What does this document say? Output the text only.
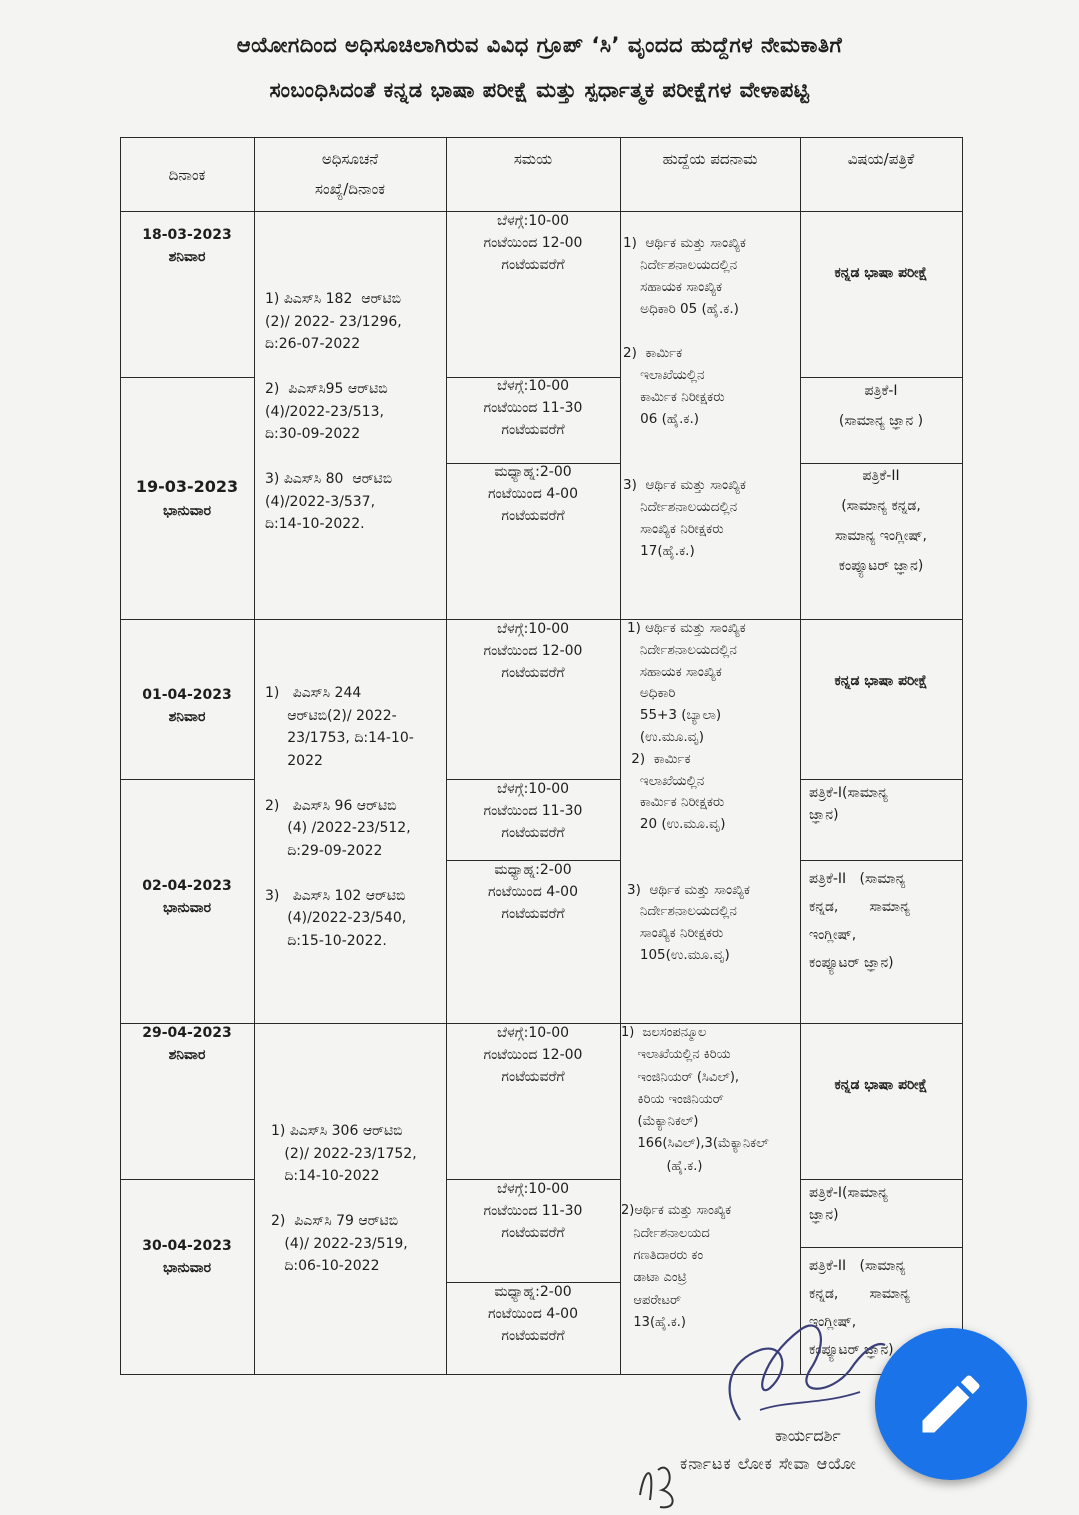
ಆಯೋಗದಿಂದ ಅಧಿಸೂಚಿಲಾಗಿರುವ ವಿವಿಧ ಗ್ರೂಪ್ ‘ಸಿ’ ವೃಂದದ ಹುದ್ದೆಗಳ ನೇಮಕಾತಿಗೆ
ಸಂಬಂಧಿಸಿದಂತೆ ಕನ್ನಡ ಭಾಷಾ ಪರೀಕ್ಷೆ ಮತ್ತು ಸ್ಪರ್ಧಾತ್ಮಕ ಪರೀಕ್ಷೆಗಳ ವೇಳಾಪಟ್ಟಿ
ದಿನಾಂಕ
ಅಧಿಸೂಚನೆ
ಸಂಖ್ಯೆ/ದಿನಾಂಕ
ಸಮಯ	ಹುದ್ದೆಯ ಪದನಾಮ	ವಿಷಯ/ಪತ್ರಿಕೆ
18-03-2023
ಶನಿವಾರ
19-03-2023
ಭಾನುವಾರ
1) ಪಿಎಸ್‌ಸಿ 182  ಆರ್‌ಟಿಬಿ
(2)/ 2022- 23/1296,
ದಿ:26-07-2022

2)  ಪಿಎಸ್‌ಸಿ95 ಆರ್‌ಟಿಬಿ
(4)/2022-23/513,
ದಿ:30-09-2022

3) ಪಿಎಸ್‌ಸಿ 80  ಆರ್‌ಟಿಬಿ
(4)/2022-3/537,
ದಿ:14-10-2022.
ಬೆಳಗ್ಗೆ:10-00
ಗಂಟೆಯಿಂದ 12-00
ಗಂಟೆಯವರೆಗೆ
ಬೆಳಗ್ಗೆ:10-00
ಗಂಟೆಯಿಂದ 11-30
ಗಂಟೆಯವರೆಗೆ
ಮಧ್ಯಾಹ್ನ:2-00
ಗಂಟೆಯಿಂದ 4-00
ಗಂಟೆಯವರೆಗೆ
1)  ಆರ್ಥಿಕ ಮತ್ತು ಸಾಂಖ್ಯಿಕ
ನಿರ್ದೇಶನಾಲಯದಲ್ಲಿನ
ಸಹಾಯಕ ಸಾಂಖ್ಯಿಕ
ಅಧಿಕಾರಿ 05 (ಹೈ.ಕ.)

2)  ಕಾರ್ಮಿಕ
ಇಲಾಖೆಯಲ್ಲಿನ
ಕಾರ್ಮಿಕ ನಿರೀಕ್ಷಕರು
06 (ಹೈ.ಕ.)

3)  ಆರ್ಥಿಕ ಮತ್ತು ಸಾಂಖ್ಯಿಕ
ನಿರ್ದೇಶನಾಲಯದಲ್ಲಿನ
ಸಾಂಖ್ಯಿಕ ನಿರೀಕ್ಷಕರು
17(ಹೈ.ಕ.)
ಕನ್ನಡ ಭಾಷಾ ಪರೀಕ್ಷೆ
ಪತ್ರಿಕೆ-I
(ಸಾಮಾನ್ಯ ಜ್ಞಾನ )
ಪತ್ರಿಕೆ-II
(ಸಾಮಾನ್ಯ ಕನ್ನಡ,
ಸಾಮಾನ್ಯ ಇಂಗ್ಲೀಷ್,
ಕಂಪ್ಯೂಟರ್ ಜ್ಞಾನ)
01-04-2023
ಶನಿವಾರ
02-04-2023
ಭಾನುವಾರ
1)   ಪಿಎಸ್‌ಸಿ 244
ಆರ್‌ಟಿಬಿ(2)/ 2022-
23/1753, ದಿ:14-10-
2022

2)   ಪಿಎಸ್‌ಸಿ 96 ಆರ್‌ಟಿಬಿ
(4) /2022-23/512,
ದಿ:29-09-2022

3)   ಪಿಎಸ್‌ಸಿ 102 ಆರ್‌ಟಿಬಿ
(4)/2022-23/540,
ದಿ:15-10-2022.
ಬೆಳಗ್ಗೆ:10-00
ಗಂಟೆಯಿಂದ 12-00
ಗಂಟೆಯವರೆಗೆ
ಬೆಳಗ್ಗೆ:10-00
ಗಂಟೆಯಿಂದ 11-30
ಗಂಟೆಯವರೆಗೆ
ಮಧ್ಯಾಹ್ನ:2-00
ಗಂಟೆಯಿಂದ 4-00
ಗಂಟೆಯವರೆಗೆ
1) ಆರ್ಥಿಕ ಮತ್ತು ಸಾಂಖ್ಯಿಕ
ನಿರ್ದೇಶನಾಲಯದಲ್ಲಿನ
ಸಹಾಯಕ ಸಾಂಖ್ಯಿಕ
ಅಧಿಕಾರಿ
55+3 (ಬ್ಯಾಲಾ)
(ಉ.ಮೂ.ವೃ)
2)  ಕಾರ್ಮಿಕ
ಇಲಾಖೆಯಲ್ಲಿನ
ಕಾರ್ಮಿಕ ನಿರೀಕ್ಷಕರು
20 (ಉ.ಮೂ.ವೃ)

3)  ಆರ್ಥಿಕ ಮತ್ತು ಸಾಂಖ್ಯಿಕ
ನಿರ್ದೇಶನಾಲಯದಲ್ಲಿನ
ಸಾಂಖ್ಯಿಕ ನಿರೀಕ್ಷಕರು
105(ಉ.ಮೂ.ವೃ)
ಕನ್ನಡ ಭಾಷಾ ಪರೀಕ್ಷೆ
ಪತ್ರಿಕೆ-I(ಸಾಮಾನ್ಯ
ಜ್ಞಾನ)
ಪತ್ರಿಕೆ-II   (ಸಾಮಾನ್ಯ
ಕನ್ನಡ,       ಸಾಮಾನ್ಯ
ಇಂಗ್ಲೀಷ್,
ಕಂಪ್ಯೂಟರ್ ಜ್ಞಾನ)
29-04-2023
ಶನಿವಾರ
30-04-2023
ಭಾನುವಾರ
1) ಪಿಎಸ್‌ಸಿ 306 ಆರ್‌ಟಿಬಿ
(2)/ 2022-23/1752,
ದಿ:14-10-2022

2)  ಪಿಎಸ್‌ಸಿ 79 ಆರ್‌ಟಿಬಿ
(4)/ 2022-23/519,
ದಿ:06-10-2022
ಬೆಳಗ್ಗೆ:10-00
ಗಂಟೆಯಿಂದ 12-00
ಗಂಟೆಯವರೆಗೆ
ಬೆಳಗ್ಗೆ:10-00
ಗಂಟೆಯಿಂದ 11-30
ಗಂಟೆಯವರೆಗೆ
ಮಧ್ಯಾಹ್ನ:2-00
ಗಂಟೆಯಿಂದ 4-00
ಗಂಟೆಯವರೆಗೆ
1)  ಜಲಸಂಪನ್ಮೂಲ
ಇಲಾಖೆಯಲ್ಲಿನ ಕಿರಿಯ
ಇಂಜಿನಿಯರ್ (ಸಿವಿಲ್),
ಕಿರಿಯ ಇಂಜಿನಿಯರ್
(ಮೆಕ್ಯಾನಿಕಲ್)
166(ಸಿವಿಲ್),3(ಮೆಕ್ಯಾನಿಕಲ್
(ಹೈ.ಕ.)

2)ಆರ್ಥಿಕ ಮತ್ತು ಸಾಂಖ್ಯಿಕ
ನಿರ್ದೇಶನಾಲಯದ
ಗಣತಿದಾರರು ಕಂ
ಡಾಟಾ ಎಂಟ್ರಿ
ಆಪರೇಟರ್
13(ಹೈ.ಕ.)
ಕನ್ನಡ ಭಾಷಾ ಪರೀಕ್ಷೆ
ಪತ್ರಿಕೆ-I(ಸಾಮಾನ್ಯ
ಜ್ಞಾನ)
ಪತ್ರಿಕೆ-II   (ಸಾಮಾನ್ಯ
ಕನ್ನಡ,       ಸಾಮಾನ್ಯ
ಇಂಗ್ಲೀಷ್,
ಕಂಪ್ಯೂಟರ್ ಜ್ಞಾನ)
ಕಾರ್ಯದರ್ಶಿ
ಕರ್ನಾಟಕ ಲೋಕ ಸೇವಾ ಆಯೋ
